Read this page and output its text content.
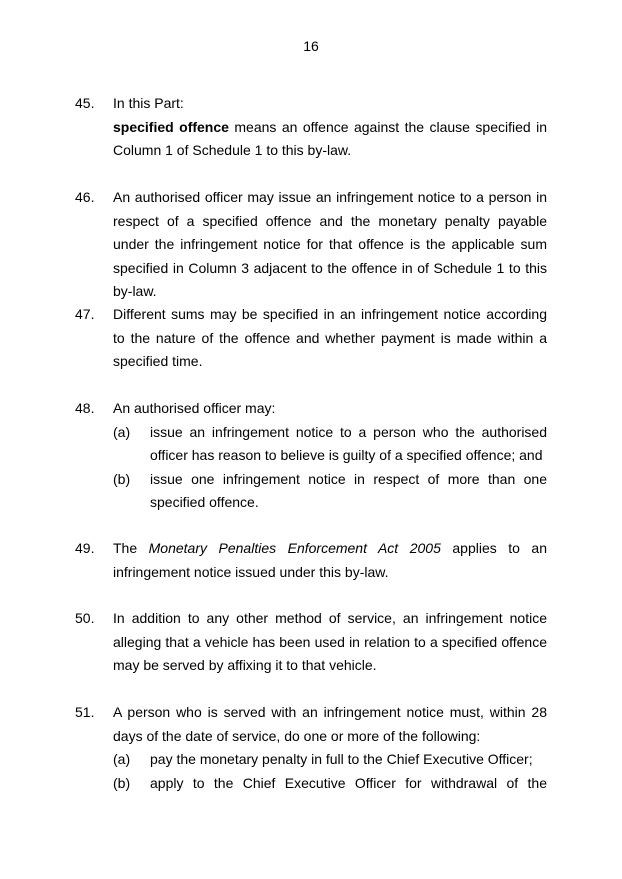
16
45. In this Part:

specified offence means an offence against the clause specified in Column 1 of Schedule 1 to this by-law.

46. An authorised officer may issue an infringement notice to a person in respect of a specified offence and the monetary penalty payable under the infringement notice for that offence is the applicable sum specified in Column 3 adjacent to the offence in of Schedule 1 to this by-law.

47. Different sums may be specified in an infringement notice according to the nature of the offence and whether payment is made within a specified time.

48. An authorised officer may:

(a) issue an infringement notice to a person who the authorised officer has reason to believe is guilty of a specified offence; and
(b) issue one infringement notice in respect of more than one specified offence.
49. The Monetary Penalties Enforcement Act 2005 applies to an infringement notice issued under this by-law.

50. In addition to any other method of service, an infringement notice alleging that a vehicle has been used in relation to a specified offence may be served by affixing it to that vehicle.

51. A person who is served with an infringement notice must, within 28 days of the date of service, do one or more of the following:

(a) pay the monetary penalty in full to the Chief Executive Officer;
(b) apply to the Chief Executive Officer for withdrawal of the
